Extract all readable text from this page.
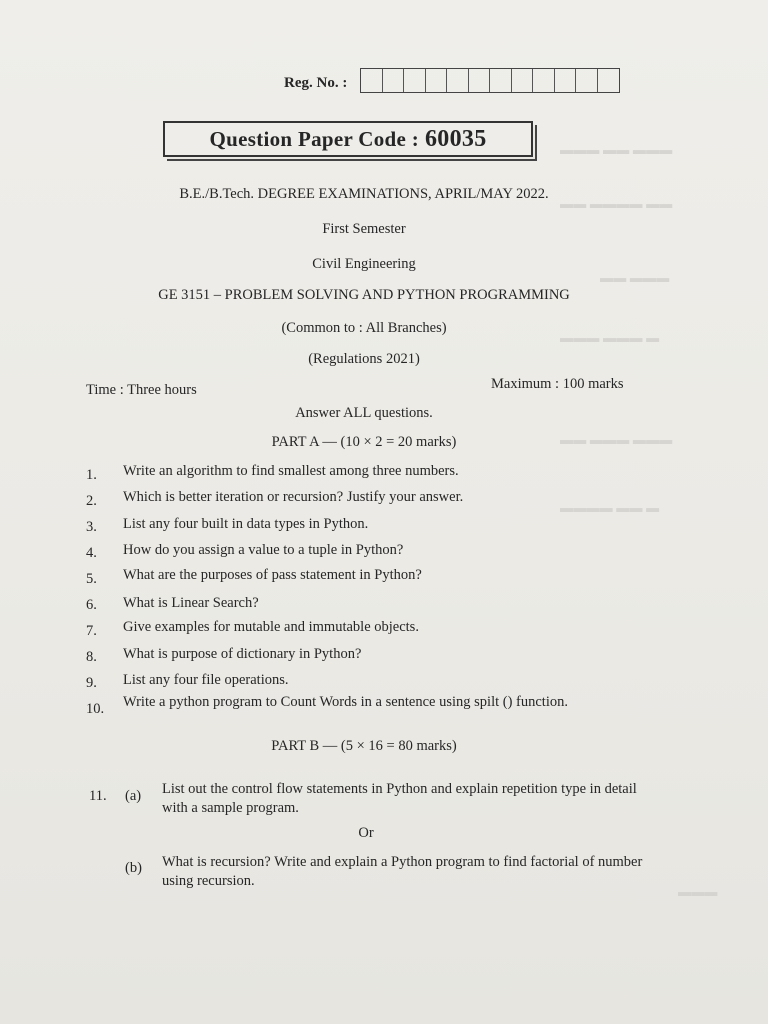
▬▬▬ ▬▬ ▬▬▬
▬▬ ▬▬▬▬ ▬▬
▬▬ ▬▬▬
▬▬▬ ▬▬▬ ▬
▬▬ ▬▬▬ ▬▬▬
▬▬▬▬ ▬▬ ▬
▬▬▬
Reg. No. :
Question Paper Code : 60035
B.E./B.Tech. DEGREE EXAMINATIONS, APRIL/MAY 2022.
First Semester
Civil Engineering
GE 3151 – PROBLEM SOLVING AND PYTHON PROGRAMMING
(Common to : All Branches)
(Regulations 2021)
Time : Three hours	Maximum : 100 marks
Answer ALL questions.
PART A — (10 × 2 = 20 marks)
1.	Write an algorithm to find smallest among three numbers.
2.	Which is better iteration or recursion? Justify your answer.
3.	List any four built in data types in Python.
4.	How do you assign a value to a tuple in Python?
5.	What are the purposes of pass statement in Python?
6.	What is Linear Search?
7.	Give examples for mutable and immutable objects.
8.	What is purpose of dictionary in Python?
9.	List any four file operations.
10.	Write a python program to Count Words in a sentence using spilt () function.
PART B — (5 × 16 = 80 marks)
11. (a) List out the control flow statements in Python and explain repetition type in detail with a sample program.
Or
(b) What is recursion? Write and explain a Python program to find factorial of number using recursion.
